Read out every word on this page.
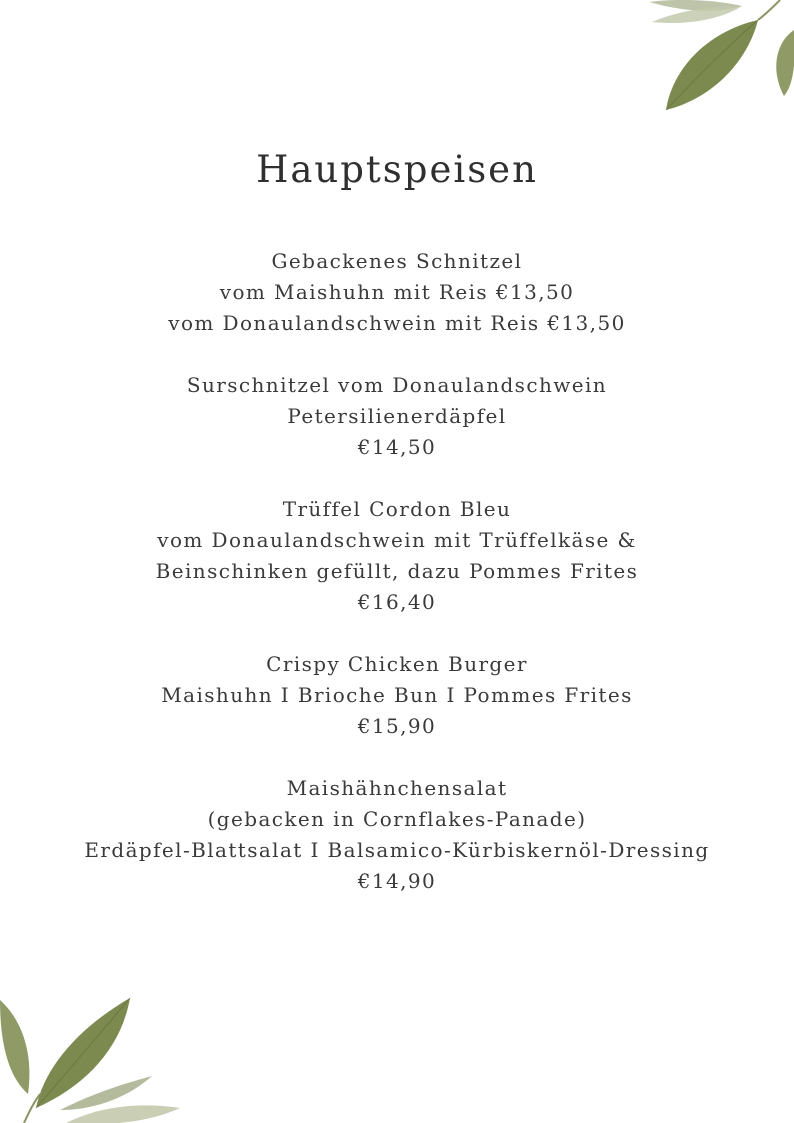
Hauptspeisen
Gebackenes Schnitzel
vom Maishuhn mit Reis €13,50
vom Donaulandschwein mit Reis €13,50
Surschnitzel vom Donaulandschwein
Petersilienerdäpfel
€14,50
Trüffel Cordon Bleu
vom Donaulandschwein mit Trüffelkäse &
Beinschinken gefüllt, dazu Pommes Frites
€16,40
Crispy Chicken Burger
Maishuhn I Brioche Bun I Pommes Frites
€15,90
Maishähnchensalat
(gebacken in Cornflakes-Panade)
Erdäpfel-Blattsalat I Balsamico-Kürbiskernöl-Dressing
€14,90
